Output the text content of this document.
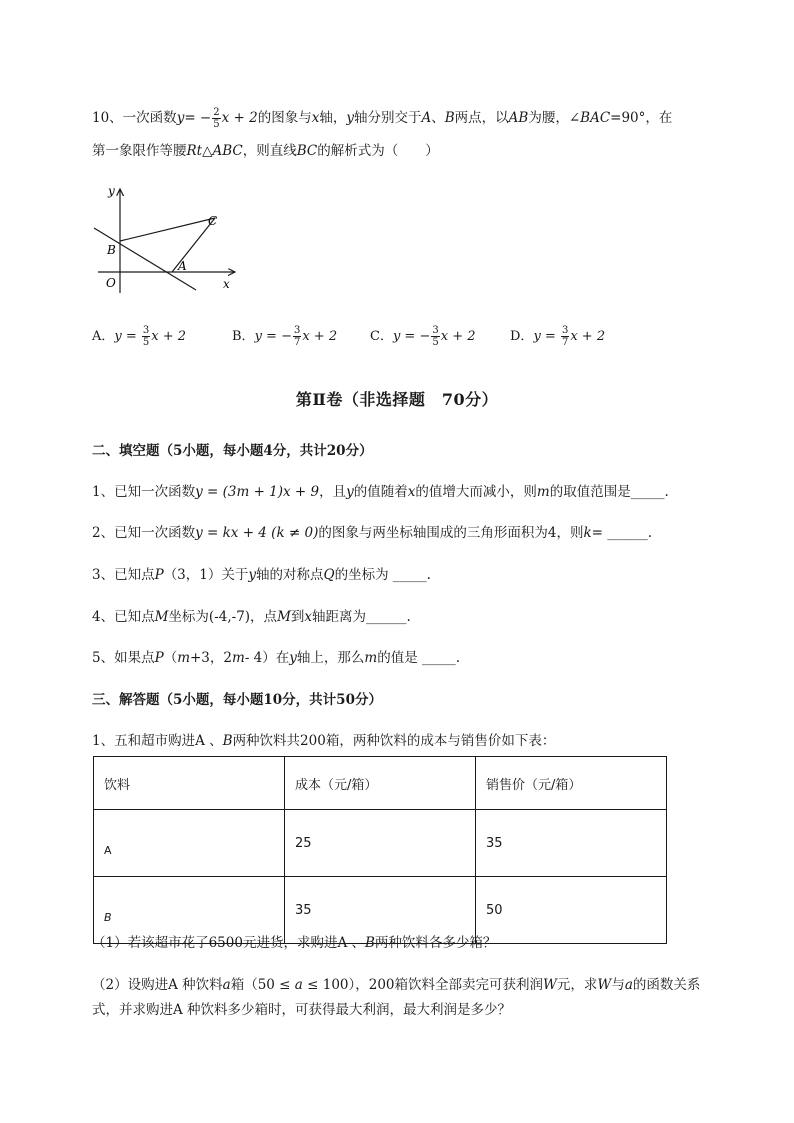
10、一次函数$y= - \frac{2}{5}$ x + 2的图象与x轴，y轴分别交于A、B两点，以AB为腰，∠BAC=90°，在
第一象限作等腰Rt△ABC，则直线BC的解析式为（　　）
y
x
O
A
B
C
A．$y = \frac{3}{5}$ x + 2	B．y = − $\frac{3}{7}$ x + 2	C．y = − $\frac{3}{5}$ x + 2	D．$y = \frac{3}{7}$ x + 2
第Ⅱ卷（非选择题　70分）
二、填空题（5小题，每小题4分，共计20分）
1、已知一次函数y = (3m + 1)x + 9，且y的值随着x的值增大而减小，则m的取值范围是_____.
2、已知一次函数y = kx + 4 (k ≠ 0)的图象与两坐标轴围成的三角形面积为4，则k= ______.
3、已知点P（3，1）关于y轴的对称点Q的坐标为 _____.
4、已知点M坐标为(-4,-7)，点M到x轴距离为______.
5、如果点P（m+3，2m- 4）在y轴上，那么m的值是 _____.
三、解答题（5小题，每小题10分，共计50分）
1、五和超市购进A 、B两种饮料共200箱，两种饮料的成本与销售价如下表：
饮料	成本（元/箱）	销售价（元/箱）
A	25	35
B	35	50
（1）若该超市花了6500元进货，求购进A 、B两种饮料各多少箱？
（2）设购进A 种饮料a箱（50 ≤ a ≤ 100），200箱饮料全部卖完可获利润W元，求W与a的函数关系
式，并求购进A 种饮料多少箱时，可获得最大利润，最大利润是多少？
